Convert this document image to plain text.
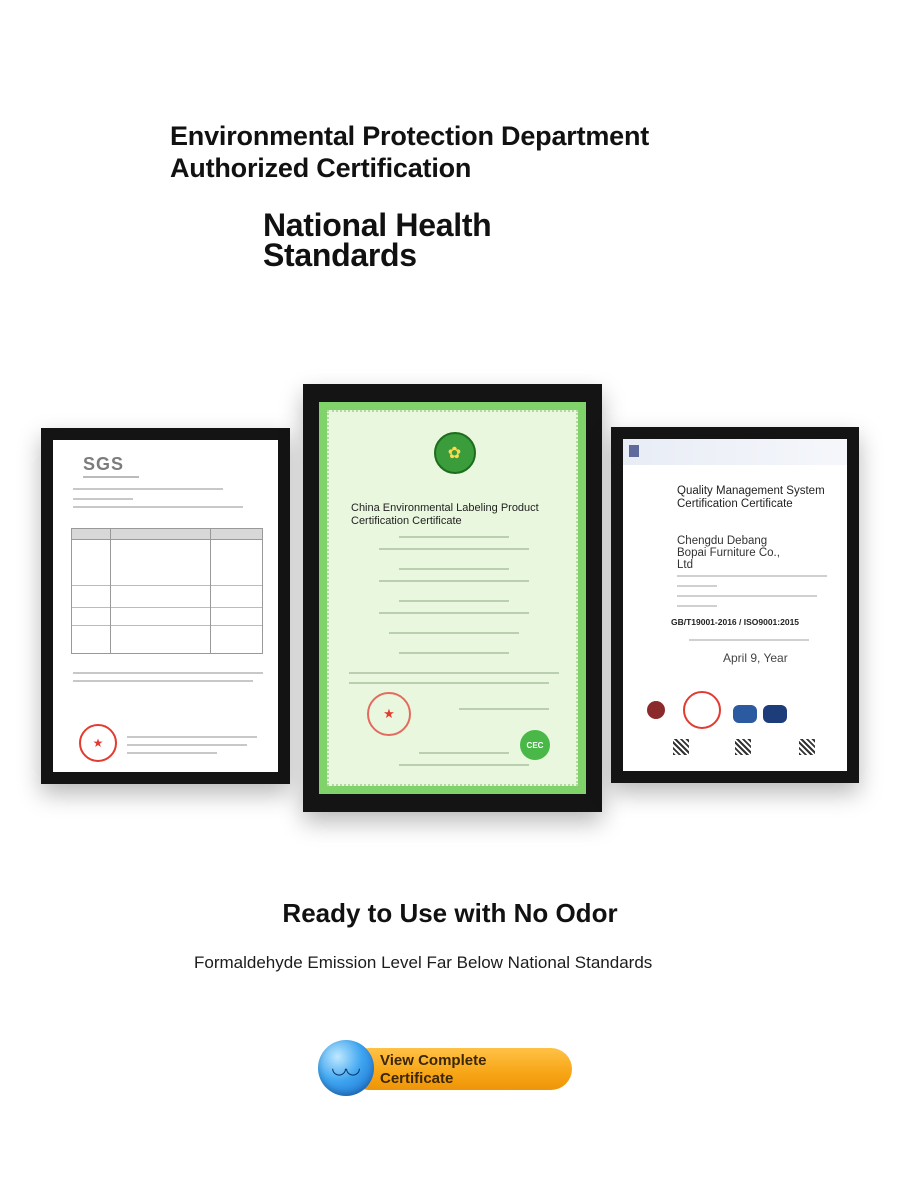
Environmental Protection Department Authorized Certification
National Health Standards
SGS
★
✿
China Environmental Labeling Product Certification Certificate
★
CEC
Quality Management System Certification Certificate
Chengdu Debang Bopai Furniture Co., Ltd
GB/T19001-2016 / ISO9001:2015
April 9, Year
Ready to Use with No Odor
Formaldehyde Emission Level Far Below National Standards
◡◡ View Complete Certificate
